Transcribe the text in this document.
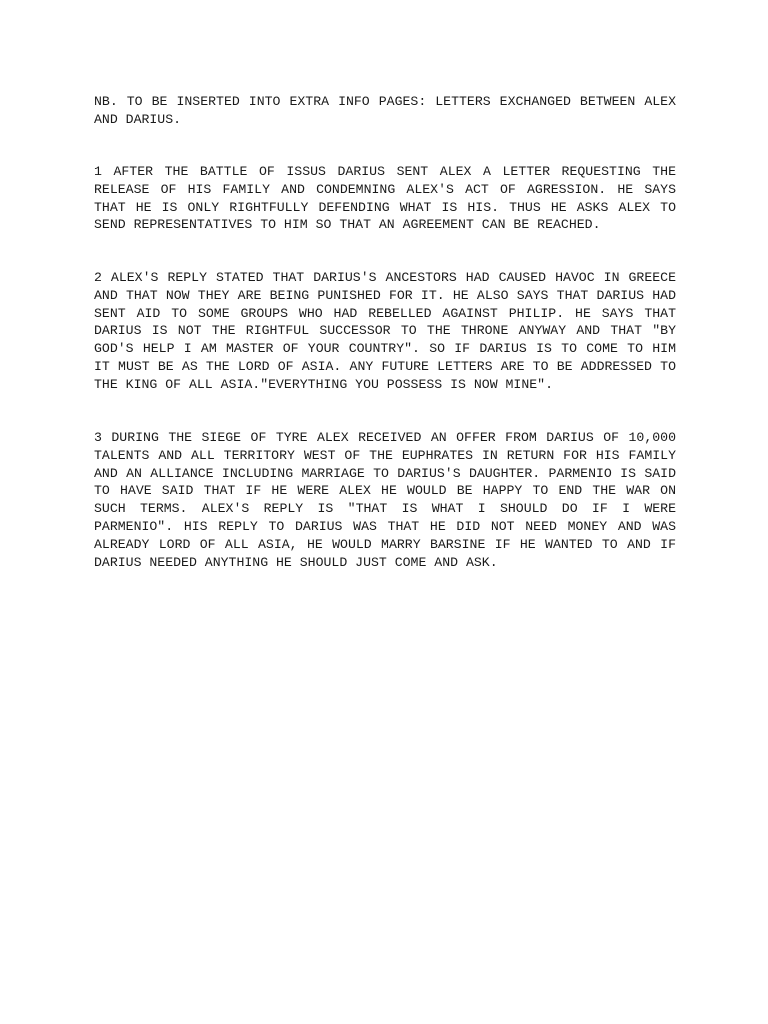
NB. TO BE INSERTED INTO EXTRA INFO PAGES: LETTERS EXCHANGED BETWEEN ALEX AND DARIUS.

1 AFTER THE BATTLE OF ISSUS DARIUS SENT ALEX A LETTER REQUESTING THE RELEASE OF HIS FAMILY AND CONDEMNING ALEX'S ACT OF AGRESSION. HE SAYS THAT HE IS ONLY RIGHTFULLY DEFENDING WHAT IS HIS. THUS HE ASKS ALEX TO SEND REPRESENTATIVES TO HIM SO THAT AN AGREEMENT CAN BE REACHED.

2 ALEX'S REPLY STATED THAT DARIUS'S ANCESTORS HAD CAUSED HAVOC IN GREECE AND THAT NOW THEY ARE BEING PUNISHED FOR IT. HE ALSO SAYS THAT DARIUS HAD SENT AID TO SOME GROUPS WHO HAD REBELLED AGAINST PHILIP. HE SAYS THAT DARIUS IS NOT THE RIGHTFUL SUCCESSOR TO THE THRONE ANYWAY AND THAT "BY GOD'S HELP I AM MASTER OF YOUR COUNTRY". SO IF DARIUS IS TO COME TO HIM IT MUST BE AS THE LORD OF ASIA. ANY FUTURE LETTERS ARE TO BE ADDRESSED TO THE KING OF ALL ASIA."EVERYTHING YOU POSSESS IS NOW MINE".

3 DURING THE SIEGE OF TYRE ALEX RECEIVED AN OFFER FROM DARIUS OF 10,000 TALENTS AND ALL TERRITORY WEST OF THE EUPHRATES IN RETURN FOR HIS FAMILY AND AN ALLIANCE INCLUDING MARRIAGE TO DARIUS'S DAUGHTER. PARMENIO IS SAID TO HAVE SAID THAT IF HE WERE ALEX HE WOULD BE HAPPY TO END THE WAR ON SUCH TERMS. ALEX'S REPLY IS "THAT IS WHAT I SHOULD DO IF I WERE PARMENIO". HIS REPLY TO DARIUS WAS THAT HE DID NOT NEED MONEY AND WAS ALREADY LORD OF ALL ASIA, HE WOULD MARRY BARSINE IF HE WANTED TO AND IF DARIUS NEEDED ANYTHING HE SHOULD JUST COME AND ASK.
